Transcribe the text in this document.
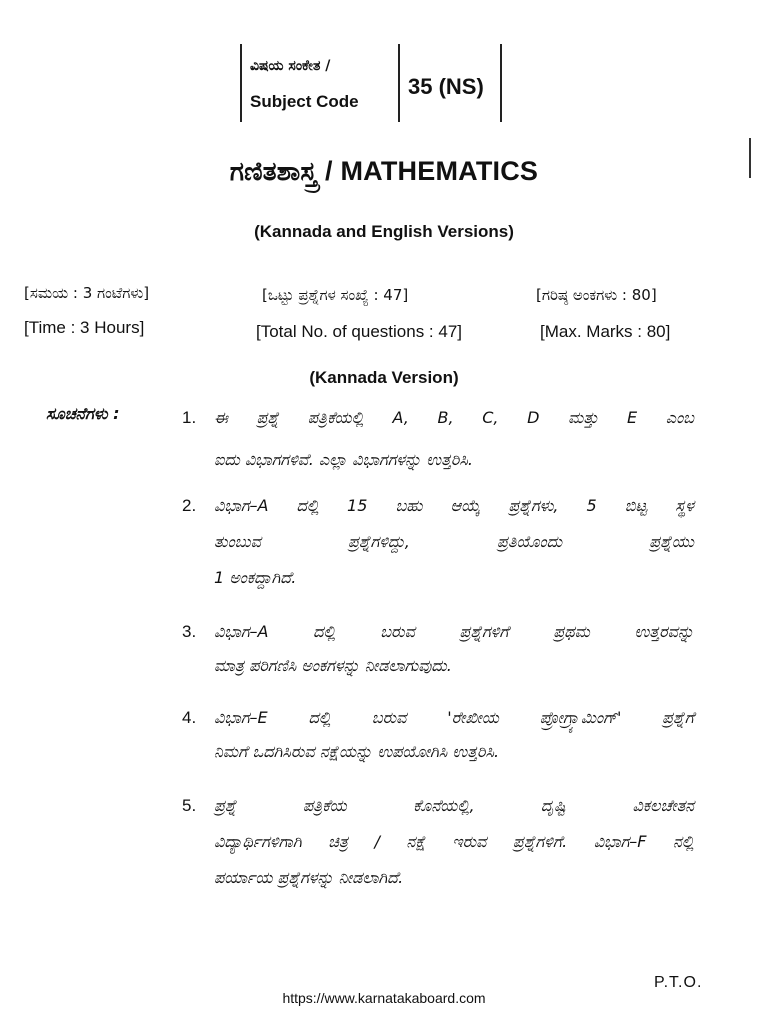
ವಿಷಯ ಸಂಕೇತ /
Subject Code
35 (NS)
ಗಣಿತಶಾಸ್ತ್ರ / MATHEMATICS
(Kannada and English Versions)
[ಸಮಯ : 3 ಗಂಟೆಗಳು]
[Time : 3 Hours]
[ಒಟ್ಟು ಪ್ರಶ್ನೆಗಳ ಸಂಖ್ಯೆ : 47]
[Total No. of questions : 47]
[ಗರಿಷ್ಠ ಅಂಕಗಳು : 80]
[Max. Marks : 80]
(Kannada Version)
ಸೂಚನೆಗಳು :	1. ಈ ಪ್ರಶ್ನೆ ಪತ್ರಿಕೆಯಲ್ಲಿ A, B, C, D ಮತ್ತು E ಎಂಬ
ಐದು ವಿಭಾಗಗಳಿವೆ. ಎಲ್ಲಾ ವಿಭಾಗಗಳನ್ನು ಉತ್ತರಿಸಿ.
2. ವಿಭಾಗ–A ದಲ್ಲಿ 15 ಬಹು ಆಯ್ಕೆ ಪ್ರಶ್ನೆಗಳು, 5 ಬಿಟ್ಟ ಸ್ಥಳ
ತುಂಬುವ ಪ್ರಶ್ನೆಗಳಿದ್ದು, ಪ್ರತಿಯೊಂದು ಪ್ರಶ್ನೆಯು
1 ಅಂಕದ್ದಾಗಿದೆ.
3. ವಿಭಾಗ–A ದಲ್ಲಿ ಬರುವ ಪ್ರಶ್ನೆಗಳಿಗೆ ಪ್ರಥಮ ಉತ್ತರವನ್ನು
ಮಾತ್ರ ಪರಿಗಣಿಸಿ ಅಂಕಗಳನ್ನು ನೀಡಲಾಗುವುದು.
4. ವಿಭಾಗ–E ದಲ್ಲಿ ಬರುವ 'ರೇಖೀಯ ಪ್ರೋಗ್ರ್ಯಾಮಿಂಗ್' ಪ್ರಶ್ನೆಗೆ
ನಿಮಗೆ ಒದಗಿಸಿರುವ ನಕ್ಷೆಯನ್ನು ಉಪಯೋಗಿಸಿ ಉತ್ತರಿಸಿ.
5. ಪ್ರಶ್ನೆ ಪತ್ರಿಕೆಯ ಕೊನೆಯಲ್ಲಿ, ದೃಷ್ಟಿ ವಿಕಲಚೇತನ
ವಿದ್ಯಾರ್ಥಿಗಳಿಗಾಗಿ ಚಿತ್ರ / ನಕ್ಷೆ ಇರುವ ಪ್ರಶ್ನೆಗಳಿಗೆ. ವಿಭಾಗ–F ನಲ್ಲಿ
ಪರ್ಯಾಯ ಪ್ರಶ್ನೆಗಳನ್ನು ನೀಡಲಾಗಿದೆ.
P.T.O.
https://www.karnatakaboard.com
